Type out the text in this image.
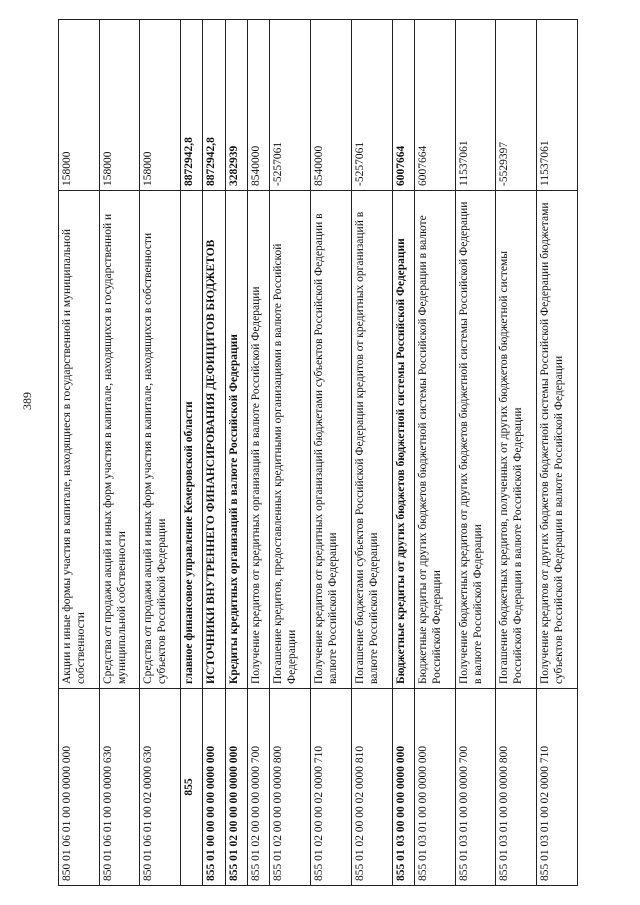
389
850 01 06 01 00 00 0000 000	Акции и иные формы участия в капитале, находящиеся в государственной и муниципальной собственности	158000
850 01 06 01 00 00 0000 630	Средства от продажи акций и иных форм участия в капитале, находящихся в государственной и муниципальной собственности	158000
850 01 06 01 00 02 0000 630	Средства от продажи акций и иных форм участия в капитале, находящихся в собственности субъектов Российской Федерации	158000
855	главное финансовое управление Кемеровской области	8872942,8
855 01 00 00 00 00 0000 000	ИСТОЧНИКИ ВНУТРЕННЕГО ФИНАНСИРОВАНИЯ ДЕФИЦИТОВ БЮДЖЕТОВ	8872942,8
855 01 02 00 00 00 0000 000	Кредиты кредитных организаций в валюте Российской Федерации	3282939
855 01 02 00 00 00 0000 700	Получение кредитов от кредитных организаций в валюте Российской Федерации	8540000
855 01 02 00 00 00 0000 800	Погашение кредитов, предоставленных кредитными организациями в валюте Российской Федерации	-5257061
855 01 02 00 00 02 0000 710	Получение кредитов от кредитных организаций бюджетами субъектов Российской Федерации в валюте Российской Федерации	8540000
855 01 02 00 00 02 0000 810	Погашение бюджетами субъектов Российской Федерации кредитов от кредитных организаций в валюте Российской Федерации	-5257061
855 01 03 00 00 00 0000 000	Бюджетные кредиты от других бюджетов бюджетной системы Российской Федерации	6007664
855 01 03 01 00 00 0000 000	Бюджетные кредиты от других бюджетов бюджетной системы Российской Федерации в валюте Российской Федерации	6007664
855 01 03 01 00 00 0000 700	Получение бюджетных кредитов от других бюджетов бюджетной системы Российской Федерации в валюте Российской Федерации	11537061
855 01 03 01 00 00 0000 800	Погашение бюджетных кредитов, полученных от других бюджетов бюджетной системы Российской Федерации в валюте Российской Федерации	-5529397
855 01 03 01 00 02 0000 710	Получение кредитов от других бюджетов бюджетной системы Российской Федерации бюджетами субъектов Российской Федерации в валюте Российской Федерации	11537061
